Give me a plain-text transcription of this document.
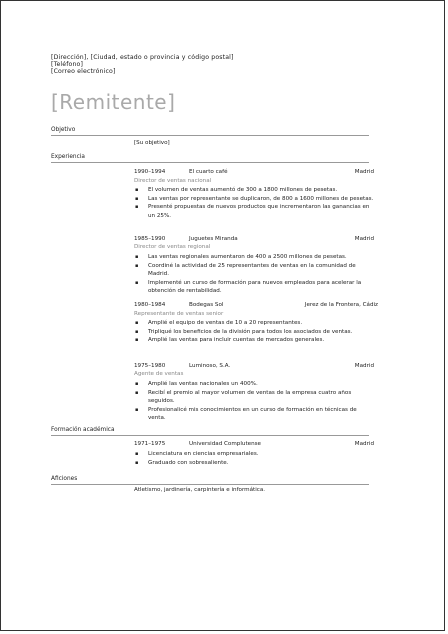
[Dirección], [Ciudad, estado o provincia y código postal]
[Teléfono]
[Correo electrónico]
[Remitente]
Objetivo
[Su objetivo]
Experiencia
1990–1994	El cuarto café	Madrid
Director de ventas nacional
▪ El volumen de ventas aumentó de 300 a 1800 millones de pesetas.
▪ Las ventas por representante se duplicaron, de 800 a 1600 millones de pesetas.
▪ Presenté propuestas de nuevos productos que incrementaron las ganancias en un 25%.
1985–1990	Juguetes Miranda	Madrid
Director de ventas regional
▪ Las ventas regionales aumentaron de 400 a 2500 millones de pesetas.
▪ Coordiné la actividad de 25 representantes de ventas en la comunidad de Madrid.
▪ Implementé un curso de formación para nuevos empleados para acelerar la obtención de rentabilidad.
1980–1984	Bodegas Sol	Jerez de la Frontera, Cádiz
Representante de ventas senior
▪ Amplié el equipo de ventas de 10 a 20 representantes.
▪ Tripliqué los beneficios de la división para todos los asociados de ventas.
▪ Amplié las ventas para incluir cuentas de mercados generales.
1975–1980	Luminoso, S.A.	Madrid
Agente de ventas
▪ Amplié las ventas nacionales un 400%.
▪ Recibí el premio al mayor volumen de ventas de la empresa cuatro años seguidos.
▪ Profesionalicé mis conocimientos en un curso de formación en técnicas de venta.
Formación académica
1971–1975	Universidad Complutense	Madrid
▪ Licenciatura en ciencias empresariales.
▪ Graduado con sobresaliente.
Aficiones
Atletismo, jardinería, carpintería e informática.
